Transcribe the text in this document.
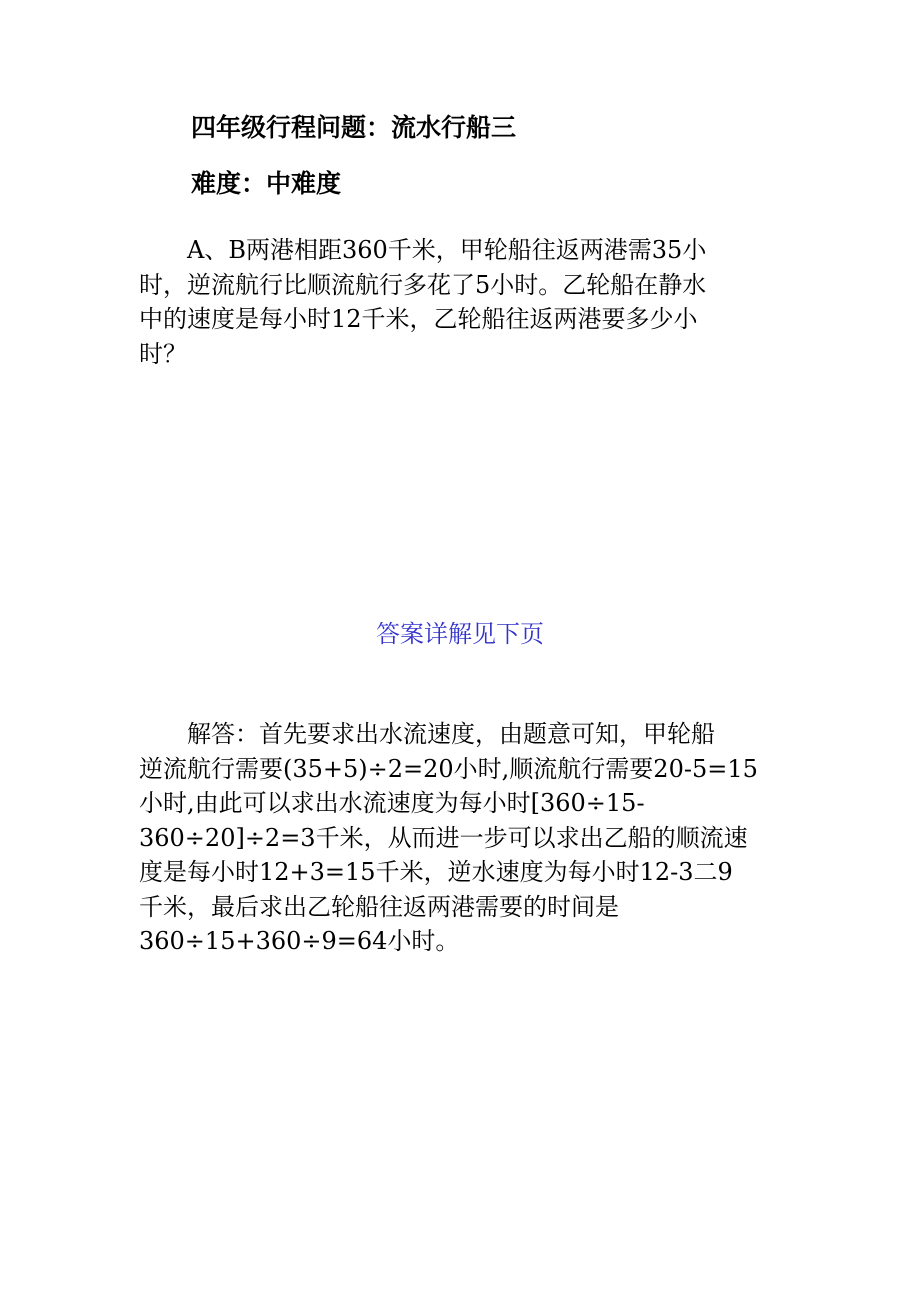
四年级行程问题：流水行船三
难度：中难度
　　A、B两港相距360千米，甲轮船往返两港需35小
时，逆流航行比顺流航行多花了5小时。乙轮船在静水
中的速度是每小时12千米，乙轮船往返两港要多少小
时？
答案详解见下页
　　解答：首先要求出水流速度，由题意可知，甲轮船
逆流航行需要(35+5)÷2=20小时,顺流航行需要20-5=15
小时,由此可以求出水流速度为每小时[360÷15-
360÷20]÷2=3千米，从而进一步可以求出乙船的顺流速
度是每小时12+3=15千米，逆水速度为每小时12-3二9
千米，最后求出乙轮船往返两港需要的时间是
360÷15+360÷9=64小时。
